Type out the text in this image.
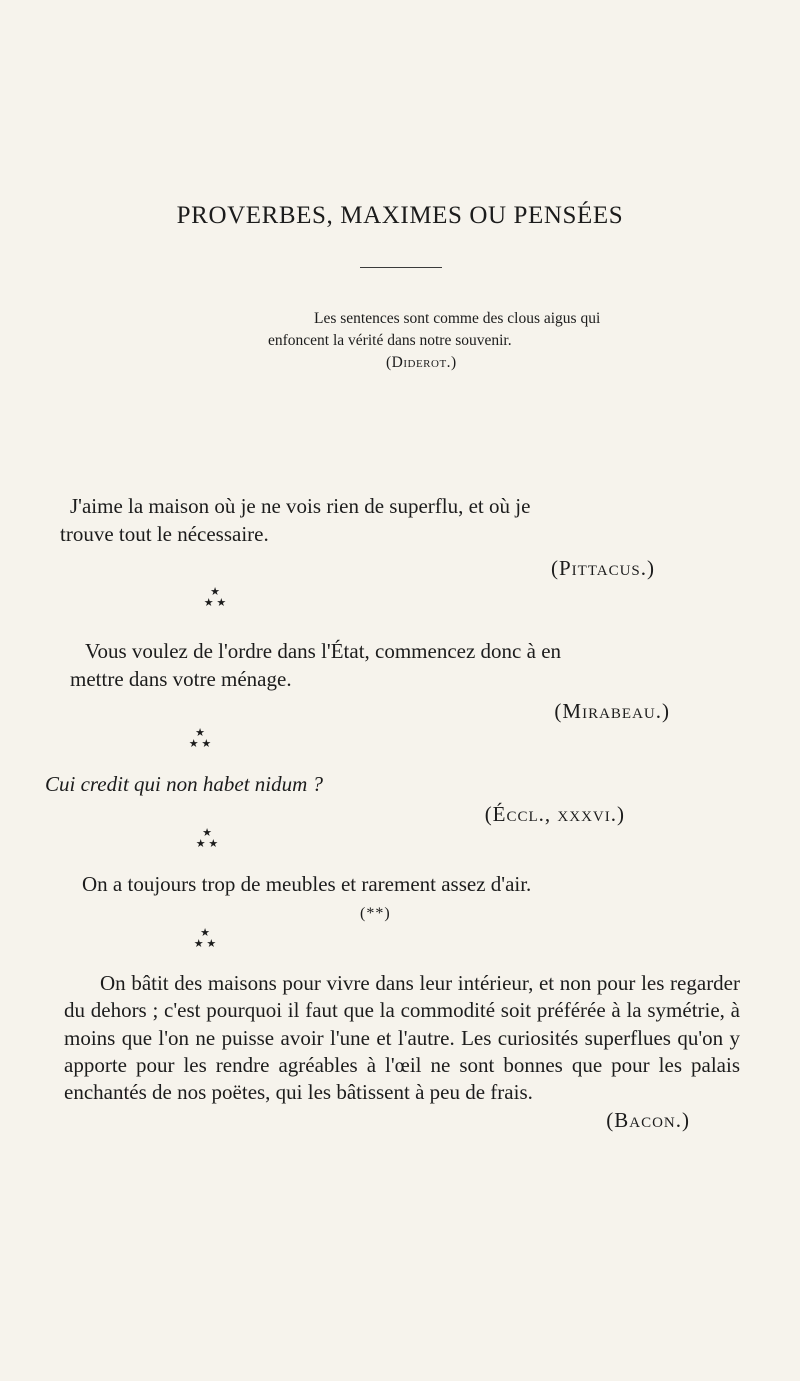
PROVERBES, MAXIMES OU PENSÉES
Les sentences sont comme des clous aigus qui
enfoncent la vérité dans notre souvenir.
(Diderot.)
J'aime la maison où je ne vois rien de superflu, et où je
trouve tout le nécessaire.
(Pittacus.)
★
★ ★
Vous voulez de l'ordre dans l'État, commencez donc à en
mettre dans votre ménage.
(Mirabeau.)
★
★ ★
Cui credit qui non habet nidum ?
(Éccl., xxxvi.)
★
★ ★
On a toujours trop de meubles et rarement assez d'air.
(**)
★
★ ★
On bâtit des maisons pour vivre dans leur intérieur, et non pour les regarder du dehors ; c'est pourquoi il faut que la commodité soit préférée à la symétrie, à moins que l'on ne puisse avoir l'une et l'autre. Les curiosités superflues qu'on y apporte pour les rendre agréables à l'œil ne sont bonnes que pour les palais enchantés de nos poëtes, qui les bâtissent à peu de frais.
(Bacon.)
